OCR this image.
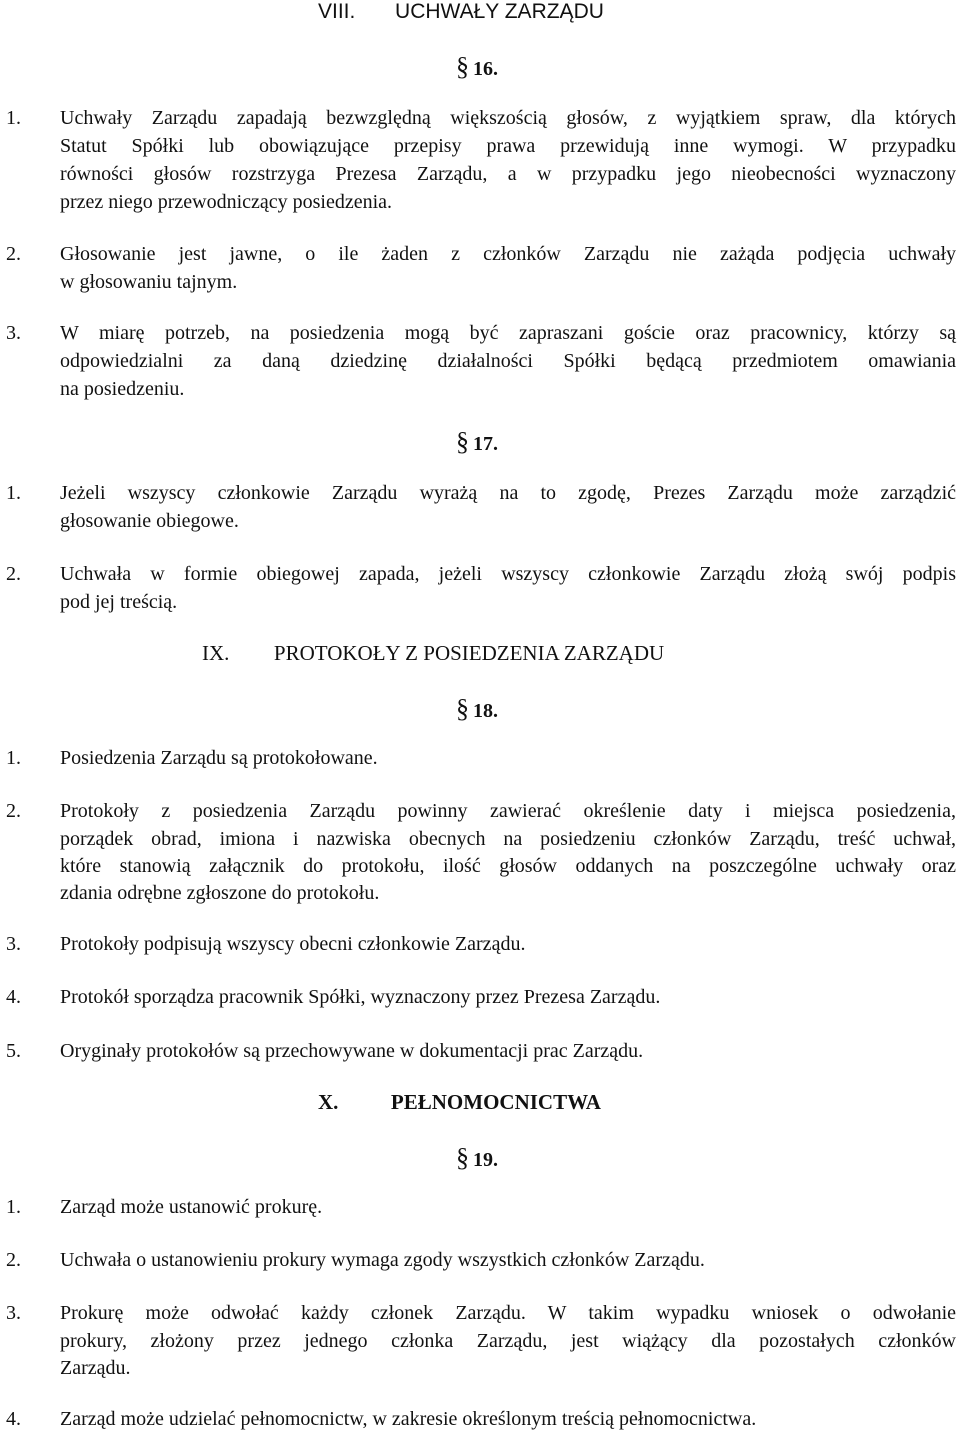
VIII. UCHWAŁY ZARZĄDU
§ 16.
1. Uchwały Zarządu zapadają bezwzględną większością głosów, z wyjątkiem spraw, dla których
Statut Spółki lub obowiązujące przepisy prawa przewidują inne wymogi. W przypadku
równości głosów rozstrzyga Prezesa Zarządu, a w przypadku jego nieobecności wyznaczony
przez niego przewodniczący posiedzenia.
2. Głosowanie jest jawne, o ile żaden z członków Zarządu nie zażąda podjęcia uchwały
w głosowaniu tajnym.
3. W miarę potrzeb, na posiedzenia mogą być zapraszani goście oraz pracownicy, którzy są
odpowiedzialni za daną dziedzinę działalności Spółki będącą przedmiotem omawiania
na posiedzeniu.
§ 17.
1. Jeżeli wszyscy członkowie Zarządu wyrażą na to zgodę, Prezes Zarządu może zarządzić
głosowanie obiegowe.
2. Uchwała w formie obiegowej zapada, jeżeli wszyscy członkowie Zarządu złożą swój podpis
pod jej treścią.
IX. PROTOKOŁY Z POSIEDZENIA ZARZĄDU
§ 18.
1. Posiedzenia Zarządu są protokołowane.
2. Protokoły z posiedzenia Zarządu powinny zawierać określenie daty i miejsca posiedzenia,
porządek obrad, imiona i nazwiska obecnych na posiedzeniu członków Zarządu, treść uchwał,
które stanowią załącznik do protokołu, ilość głosów oddanych na poszczególne uchwały oraz
zdania odrębne zgłoszone do protokołu.
3. Protokoły podpisują wszyscy obecni członkowie Zarządu.
4. Protokół sporządza pracownik Spółki, wyznaczony przez Prezesa Zarządu.
5. Oryginały protokołów są przechowywane w dokumentacji prac Zarządu.
X.	PEŁNOMOCNICTWA
§ 19.
1. Zarząd może ustanowić prokurę.
2. Uchwała o ustanowieniu prokury wymaga zgody wszystkich członków Zarządu.
3. Prokurę może odwołać każdy członek Zarządu. W takim wypadku wniosek o odwołanie
prokury, złożony przez jednego członka Zarządu, jest wiążący dla pozostałych członków
Zarządu.
4. Zarząd może udzielać pełnomocnictw, w zakresie określonym treścią pełnomocnictwa.
